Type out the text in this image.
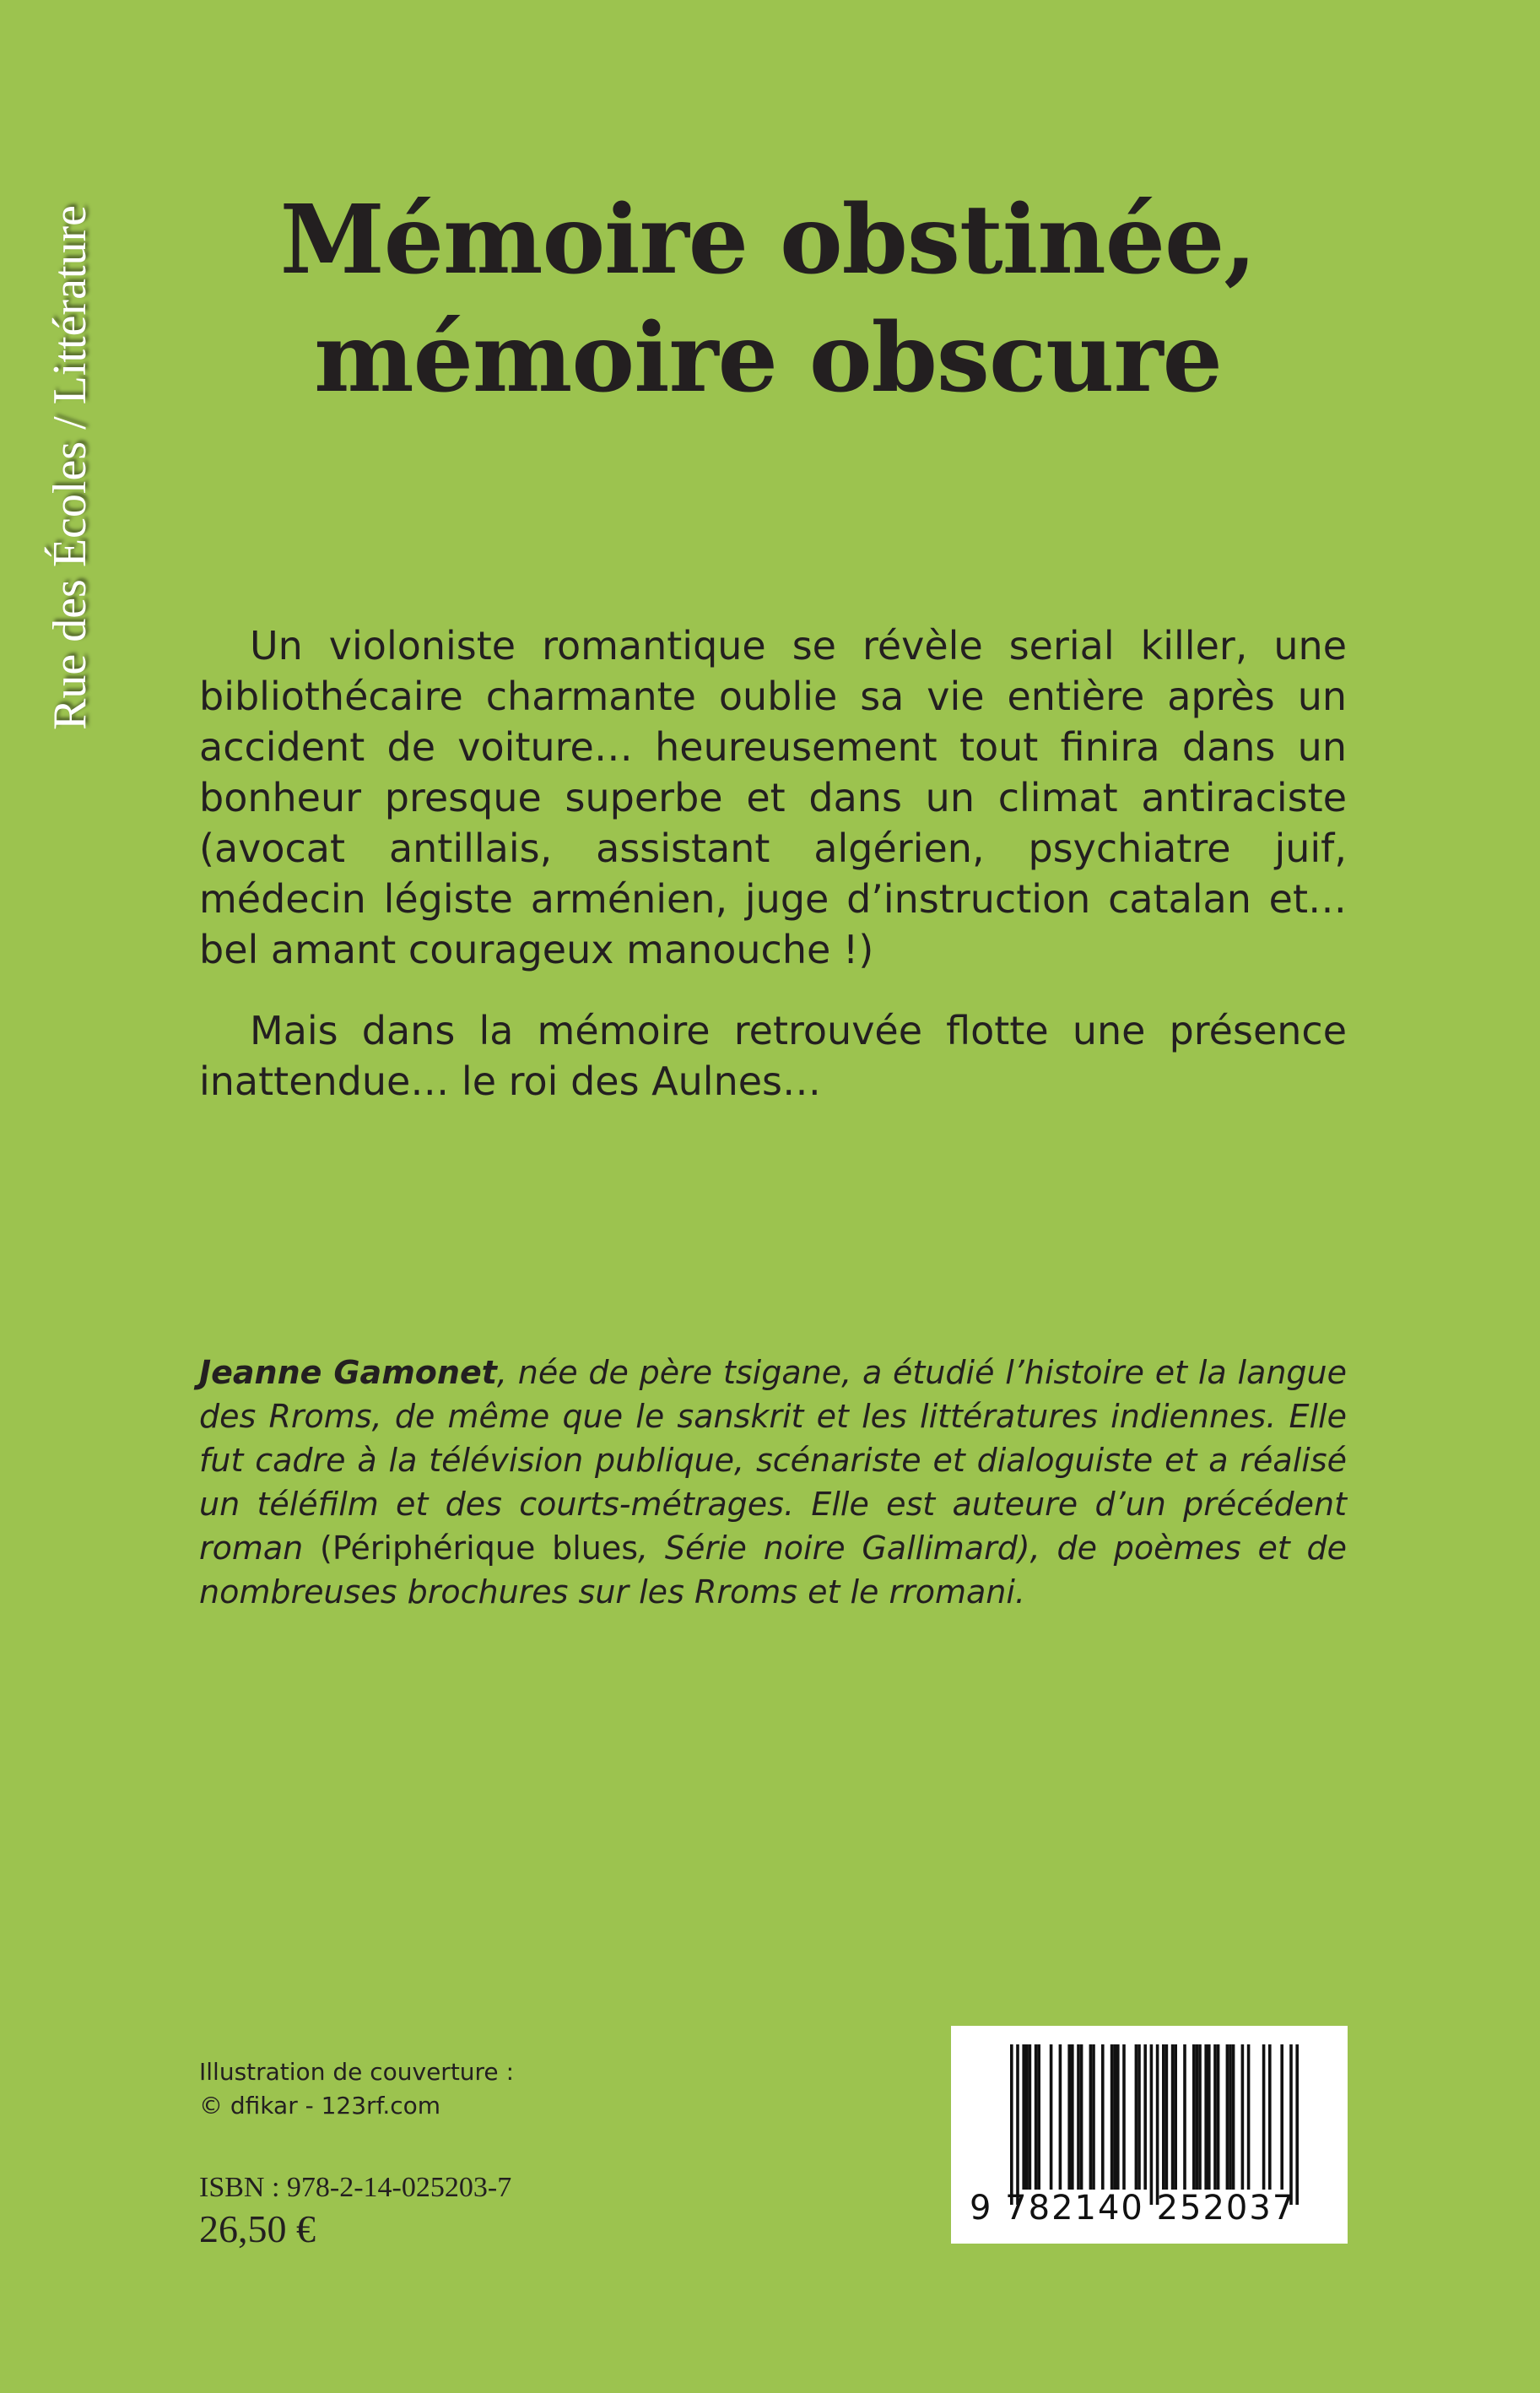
Rue des Écoles / Littérature	Mémoire obstinée,
mémoire obscure

Un violoniste romantique se révèle serial killer, une bibliothécaire charmante oublie sa vie entière après un accident de voiture… heureusement tout finira dans un bonheur presque superbe et dans un climat antiraciste (avocat antillais, assistant algérien, psychiatre juif, médecin légiste arménien, juge d’instruction catalan et… bel amant courageux manouche !)

Mais dans la mémoire retrouvée flotte une présence inattendue… le roi des Aulnes…

Jeanne Gamonet, née de père tsigane, a étudié l’histoire et la langue des Rroms, de même que le sanskrit et les littératures indiennes. Elle fut cadre à la télévision publique, scénariste et dialoguiste et a réalisé un téléfilm et des courts-métrages. Elle est auteure d’un précédent roman (Périphérique blues, Série noire Gallimard), de poèmes et de nombreuses brochures sur les Rroms et le rromani.
Illustration de couverture :
© dfikar - 123rf.com
ISBN : 978-2-14-025203-7
26,50 €	9 782140 252037
